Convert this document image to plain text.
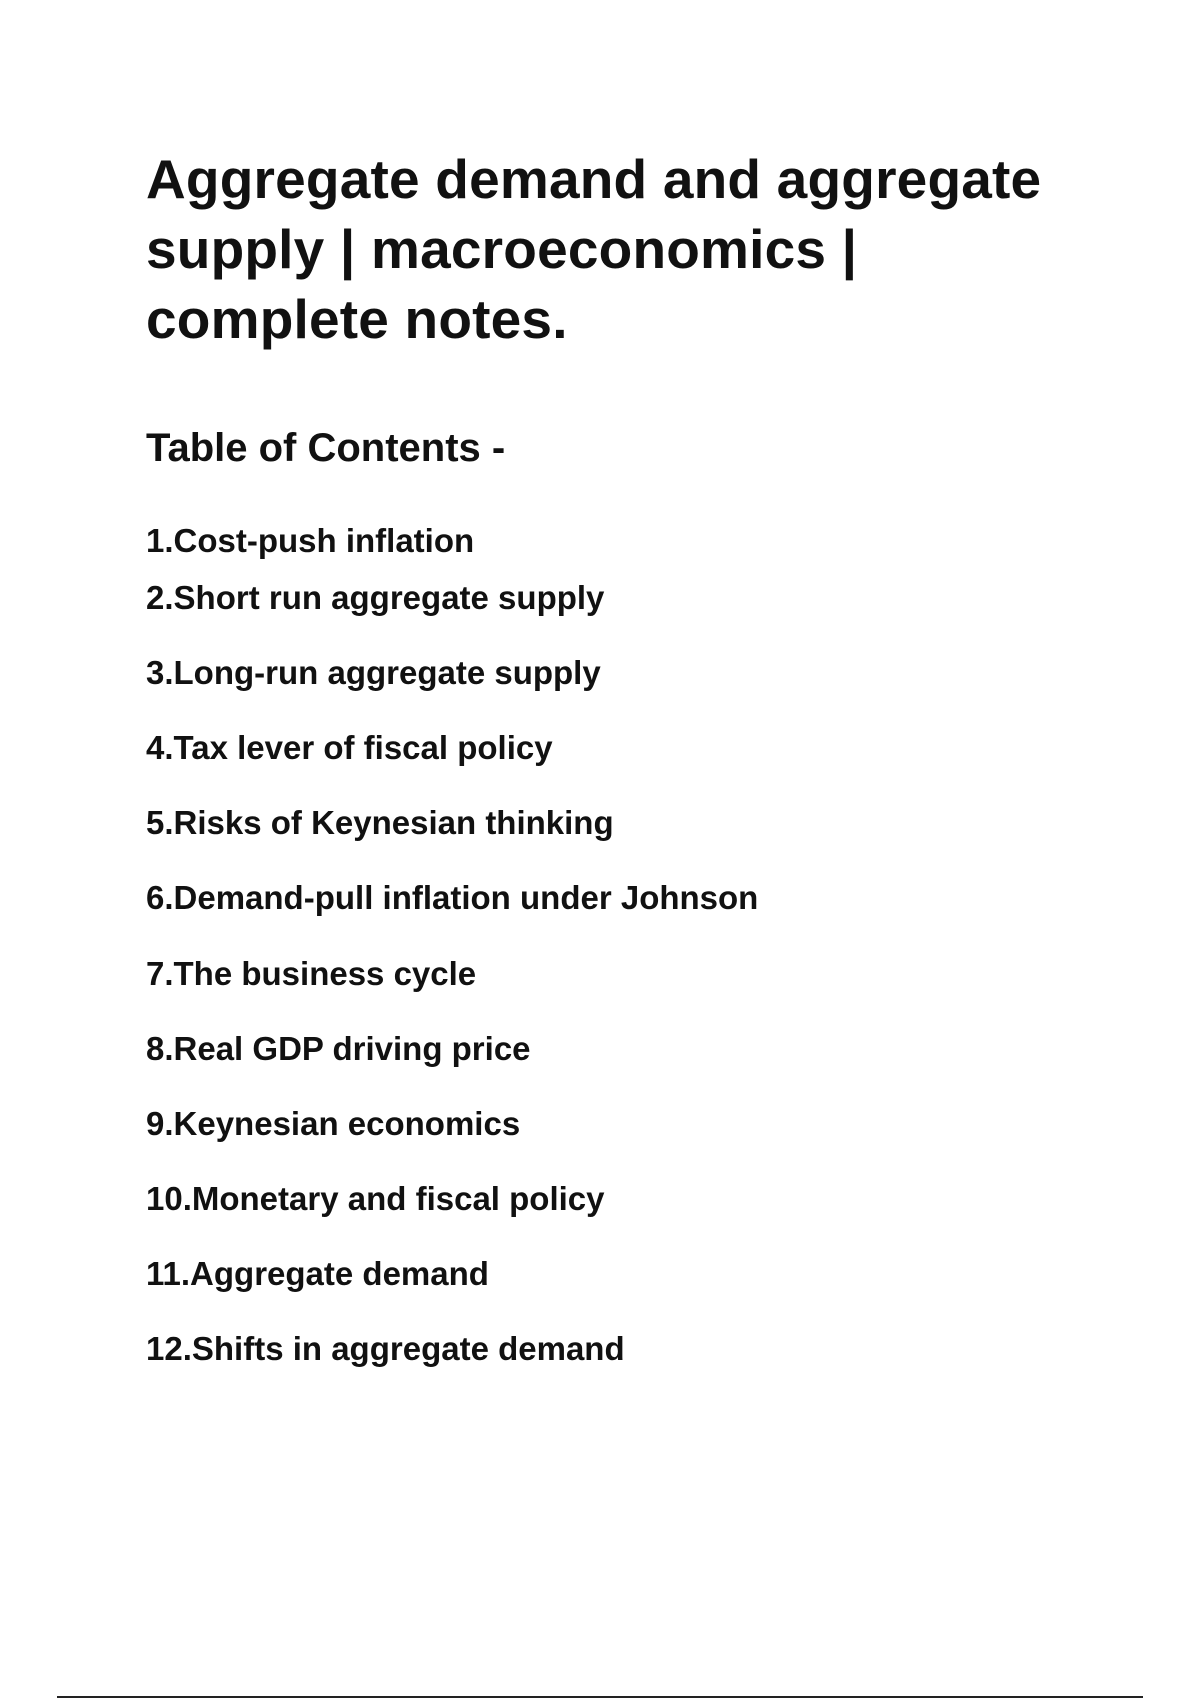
Aggregate demand and aggregate supply | macroeconomics | complete notes.
Table of Contents -
1.Cost-push inflation
2.Short run aggregate supply
3.Long-run aggregate supply
4.Tax lever of fiscal policy
5.Risks of Keynesian thinking
6.Demand-pull inflation under Johnson
7.The business cycle
8.Real GDP driving price
9.Keynesian economics
10.Monetary and fiscal policy
11.Aggregate demand
12.Shifts in aggregate demand
